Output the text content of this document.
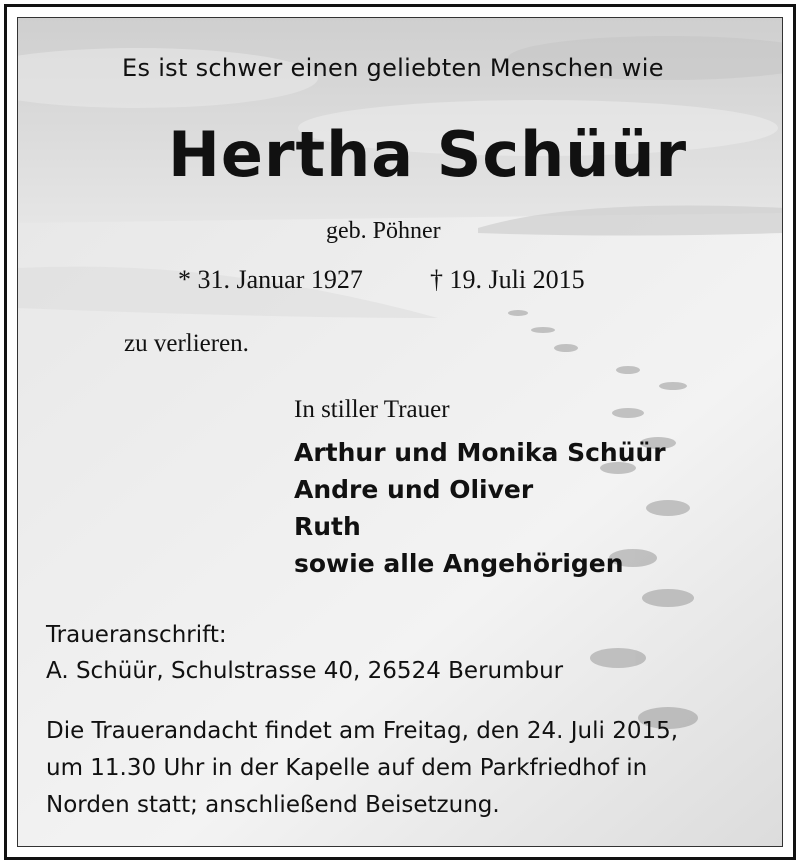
Es ist schwer einen geliebten Menschen wie
Hertha Schüür
geb. Pöhner
* 31. Januar 1927	† 19. Juli 2015
zu verlieren.
In stiller Trauer
Arthur und Monika Schüür
Andre und Oliver
Ruth
sowie alle Angehörigen
Traueranschrift:
A. Schüür, Schulstrasse 40, 26524 Berumbur
Die Trauerandacht findet am Freitag, den 24. Juli 2015,
um 11.30 Uhr in der Kapelle auf dem Parkfriedhof in
Norden statt; anschließend Beisetzung.
